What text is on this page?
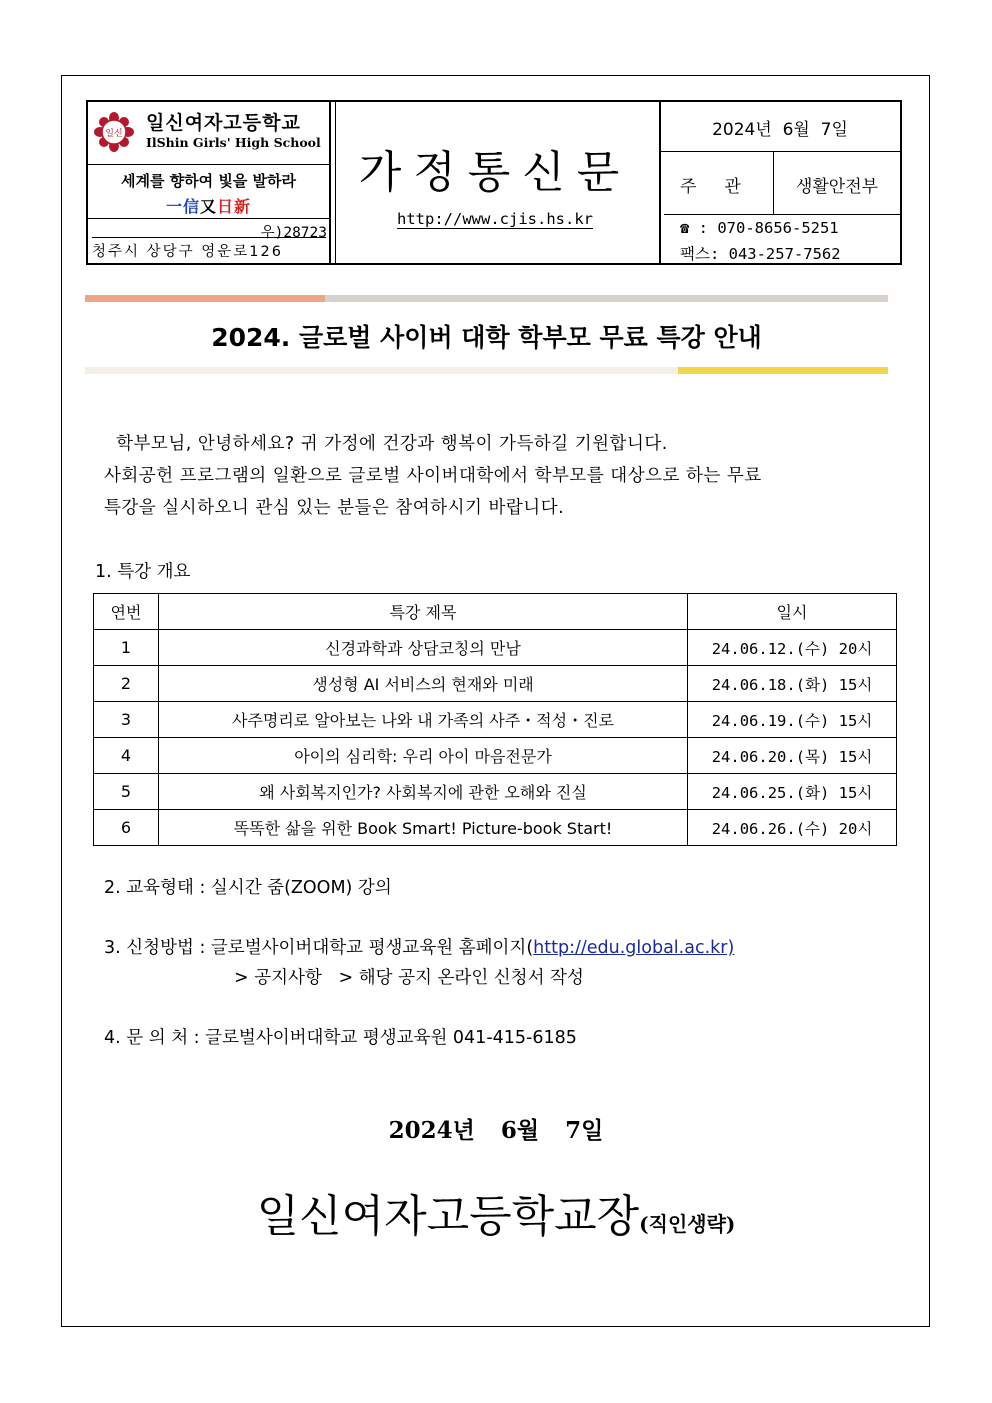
일신 일신여자고등학교
IlShin Girls' High School
세계를 향하여 빛을 발하라
一信又日新
우)28723
청주시 상당구 영운로126
가정통신문
http://www.cjis.hs.kr
2024년  6월  7일
주관	생활안전부
☎ : 070-8656-5251
팩스: 043-257-7562
2024. 글로벌 사이버 대학 학부모 무료 특강 안내

학부모님, 안녕하세요? 귀 가정에 건강과 행복이 가득하길 기원합니다.

사회공헌 프로그램의 일환으로 글로벌 사이버대학에서 학부모를 대상으로 하는 무료

특강을 실시하오니 관심 있는 분들은 참여하시기 바랍니다.

1. 특강 개요
연번	특강 제목	일시
1	신경과학과 상담코칭의 만남	24.06.12.(수) 20시
2	생성형 AI 서비스의 현재와 미래	24.06.18.(화) 15시
3	사주명리로 알아보는 나와 내 가족의 사주・적성・진로	24.06.19.(수) 15시
4	아이의 심리학: 우리 아이 마음전문가	24.06.20.(목) 15시
5	왜 사회복지인가? 사회복지에 관한 오해와 진실	24.06.25.(화) 15시
6	똑똑한 삶을 위한 Book Smart! Picture-book Start!	24.06.26.(수) 20시
2. 교육형태 : 실시간 줌(ZOOM) 강의
3. 신청방법 : 글로벌사이버대학교 평생교육원 홈페이지(http://edu.global.ac.kr)
> 공지사항   > 해당 공지 온라인 신청서 작성
4. 문 의 처 : 글로벌사이버대학교 평생교육원 041-415-6185
2024년 6월 7일
일신여자고등학교장(직인생략)
